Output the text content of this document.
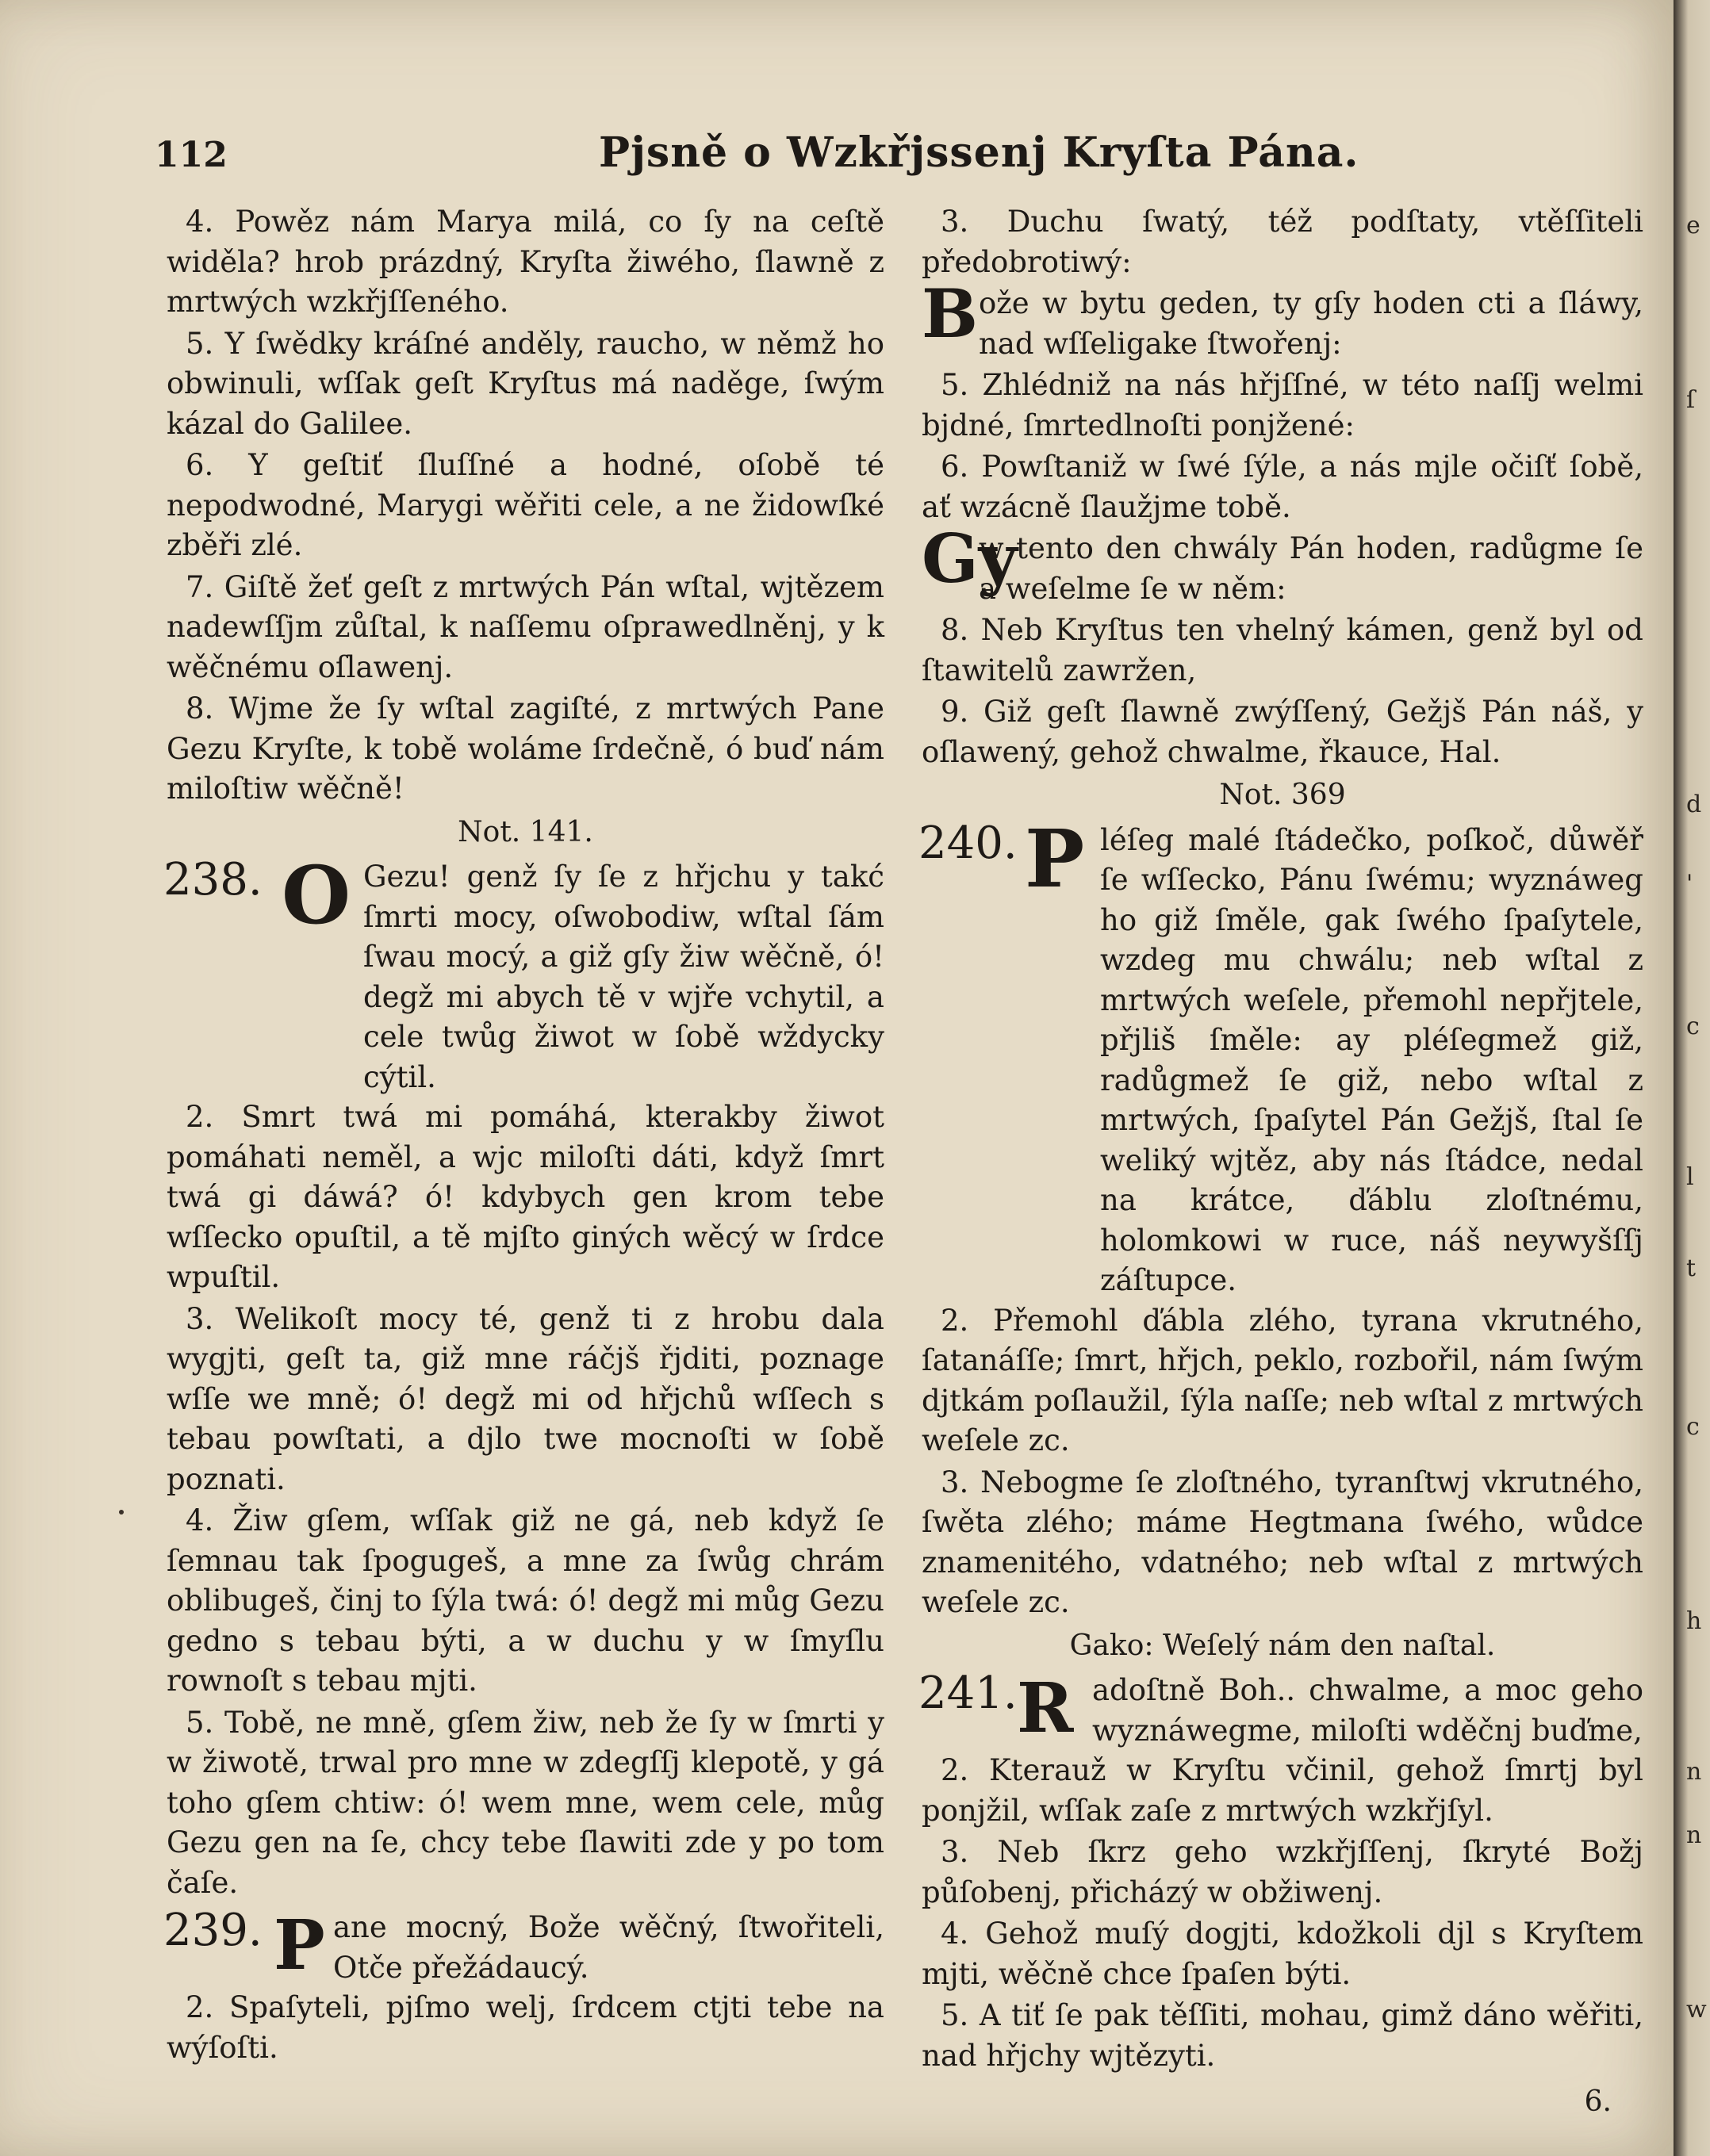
112	Pjsně o Wzkřjssenj Kryſta Pána.

4. Powěz nám Marya milá, co ſy na ceſtě widěla? hrob prázdný, Kryſta žiwého, ſlawně z mrtwých wzkřjſſeného.

5. Y ſwědky kráſné anděly, raucho, w němž ho obwinuli, wſſak geſt Kryſtus má naděge, ſwým kázal do Galilee.

6. Y geſtiť ſluſſné a hodné, oſobě té nepodwodné, Marygi wěřiti cele, a ne židowſké zběři zlé.

7. Giſtě žeť geſt z mrtwých Pán wſtal, wjtězem nadewſſjm zůſtal, k naſſemu oſprawedlněnj, y k wěčnému oſlawenj.

8. Wjme že ſy wſtal zagiſté, z mrtwých Pane Gezu Kryſte, k tobě woláme ſrdečně, ó buď nám miloſtiw wěčně!

Not. 141.
238. O Gezu! genž ſy ſe z hřjchu y takć ſmrti mocy, oſwobodiw, wſtal ſám ſwau mocý, a giž gſy žiw wěčně, ó! degž mi abych tě v wjře vchytil, a cele twůg žiwot w ſobě wždycky cýtil.

2. Smrt twá mi pomáhá, kterakby žiwot pomáhati neměl, a wjc miloſti dáti, když ſmrt twá gi dáwá? ó! kdybych gen krom tebe wſſecko opuſtil, a tě mjſto giných wěcý w ſrdce wpuſtil.

3. Welikoſt mocy té, genž ti z hrobu dala wygjti, geſt ta, giž mne ráčjš řjditi, poznage wſſe we mně; ó! degž mi od hřjchů wſſech s tebau powſtati, a djlo twe mocnoſti w ſobě poznati.

4. Žiw gſem, wſſak giž ne gá, neb když ſe ſemnau tak ſpogugeš, a mne za ſwůg chrám oblibugeš, činj to ſýla twá: ó! degž mi můg Gezu gedno s tebau býti, a w duchu y w ſmyſlu rownoſt s tebau mjti.

5. Tobě, ne mně, gſem žiw, neb že ſy w ſmrti y w žiwotě, trwal pro mne w zdegſſj klepotě, y gá toho gſem chtiw: ó! wem mne, wem cele, můg Gezu gen na ſe, chcy tebe ſlawiti zde y po tom čaſe.

239. P ane mocný, Bože wěčný, ſtwořiteli, Otče přežádaucý.

2. Spaſyteli, pjſmo welj, ſrdcem ctjti tebe na wýſoſti.

3. Duchu ſwatý, též podſtaty, vtěſſiteli předobrotiwý:

B ože w bytu geden, ty gſy hoden cti a ſláwy, nad wſſeligake ſtwořenj:

5. Zhlédniž na nás hřjſſné, w této naſſj welmi bjdné, ſmrtedlnoſti ponjžené:

6. Powſtaniž w ſwé ſýle, a nás mjle očiſť ſobě, ať wzácně ſlaužjme tobě.

Gy

w tento den chwály Pán hoden, radůgme ſe a weſelme ſe w něm:

8. Neb Kryſtus ten vhelný kámen, genž byl od ſtawitelů zawržen,

9. Giž geſt ſlawně zwýſſený, Gežjš Pán náš, y oſlawený, gehož chwalme, řkauce, Hal.

Not. 369
240. P léſeg malé ſtádečko, poſkoč, důwěř ſe wſſecko, Pánu ſwému; wyznáweg ho giž ſměle, gak ſwého ſpaſytele, wzdeg mu chwálu; neb wſtal z mrtwých weſele, přemohl nepřjtele, přjliš ſměle: ay pléſegmež giž, radůgmež ſe giž, nebo wſtal z mrtwých, ſpaſytel Pán Gežjš, ſtal ſe weliký wjtěz, aby nás ſtádce, nedal na krátce, ďáblu zloſtnému, holomkowi w ruce, náš neywyšſſj záſtupce.

2. Přemohl ďábla zlého, tyrana vkrutného, ſatanáſſe; ſmrt, hřjch, peklo, rozbořil, nám ſwým djtkám poſlaužil, ſýla naſſe; neb wſtal z mrtwých weſele zc.

3. Nebogme ſe zloſtného, tyranſtwj vkrutného, ſwěta zlého; máme Hegtmana ſwého, wůdce znamenitého, vdatného; neb wſtal z mrtwých weſele zc.

Gako: Weſelý nám den naſtal.
241. R adoſtně Boh.. chwalme, a moc geho wyznáwegme, miloſti wděčnj buďme,

2. Kterauž w Kryſtu včinil, gehož ſmrtj byl ponjžil, wſſak zaſe z mrtwých wzkřjſyl.

3. Neb ſkrz geho wzkřjſſenj, ſkryté Božj půſobenj, přicházý w obžiwenj.

4. Gehož muſý dogjti, kdožkoli djl s Kryſtem mjti, wěčně chce ſpaſen býti.

5. A tiť ſe pak těſſiti, mohau, gimž dáno wěřiti, nad hřjchy wjtězyti.

6.
e
ſ
d
'
c
l
t
c
h
n
n
w
